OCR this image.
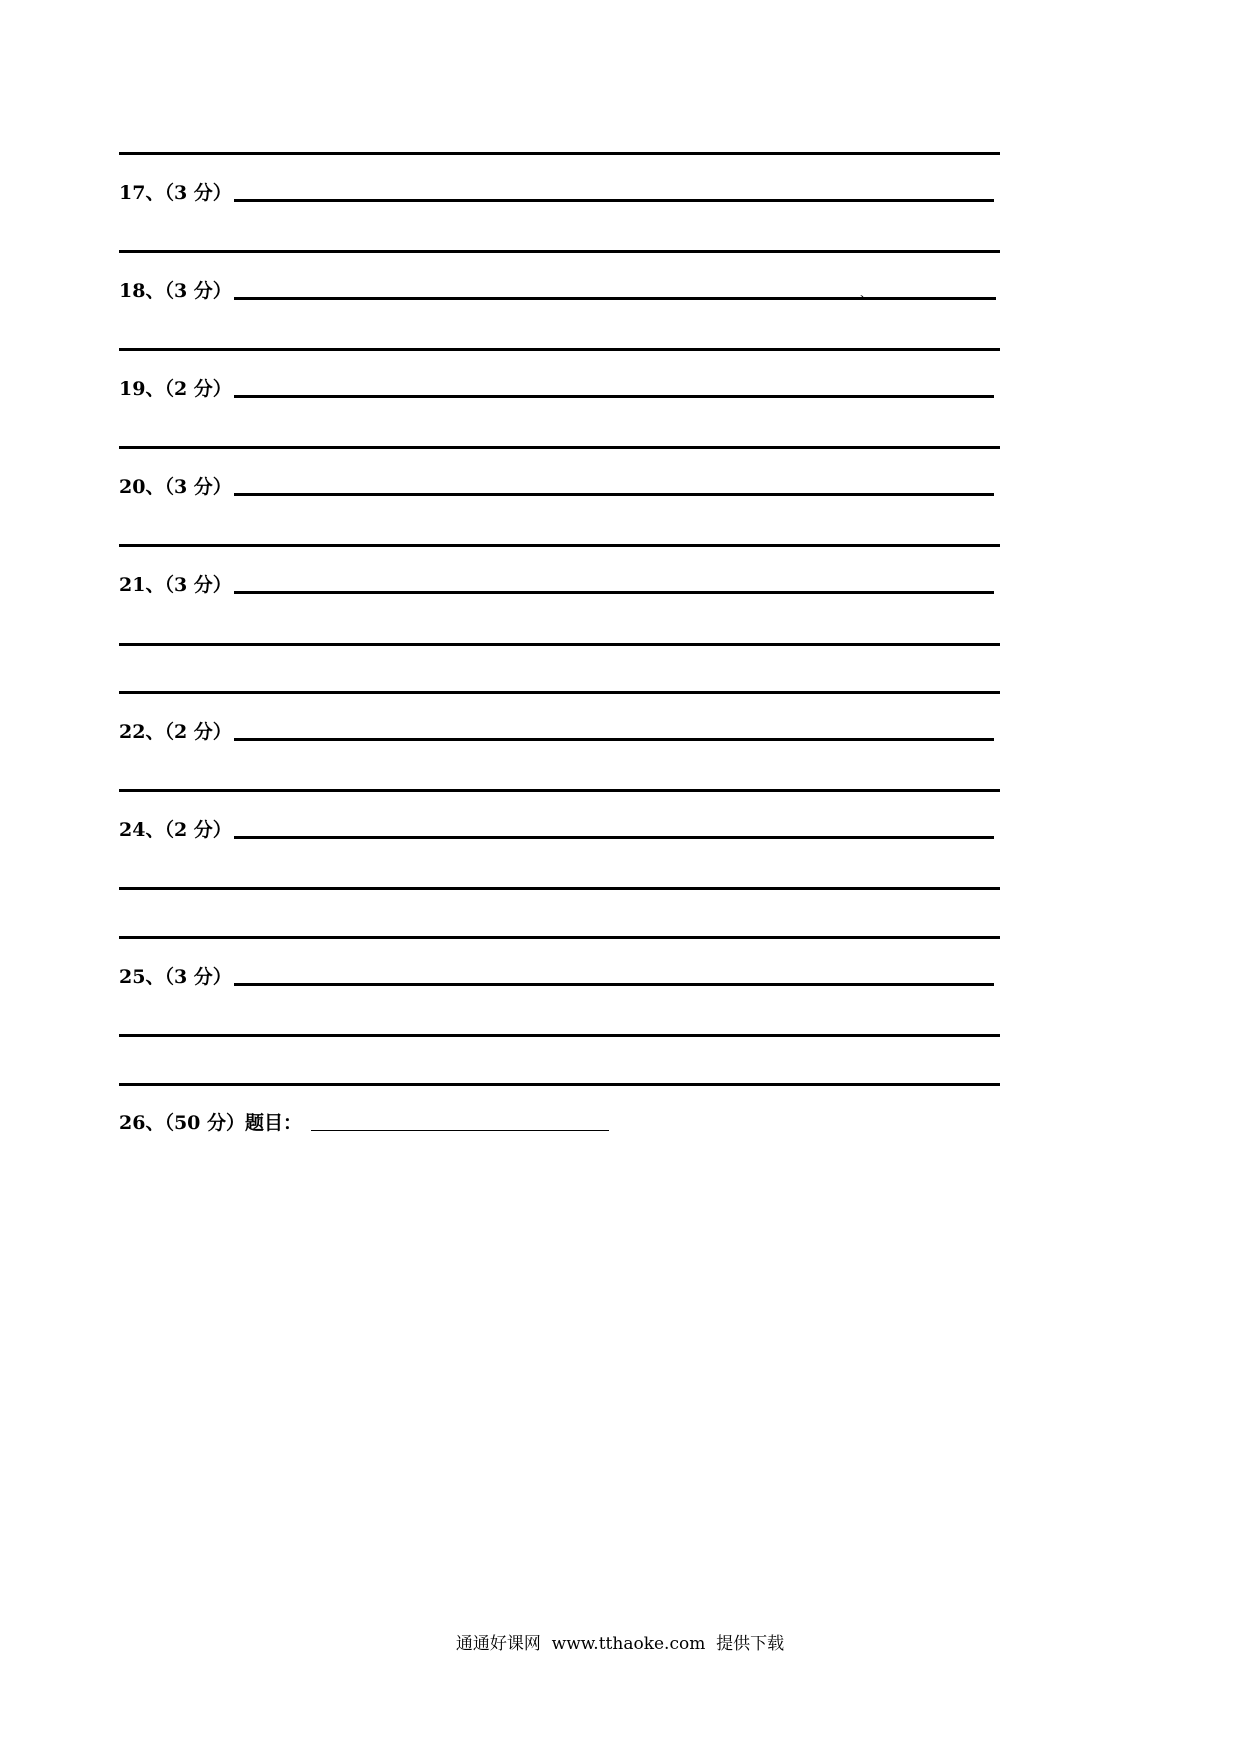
17、（3 分）
18、（3 分）	、
19、（2 分）
20、（3 分）
21、（3 分）
22、（2 分）
24、（2 分）
25、（3 分）
26、（50 分）题目：
通通好课网  www.tthaoke.com  提供下载
